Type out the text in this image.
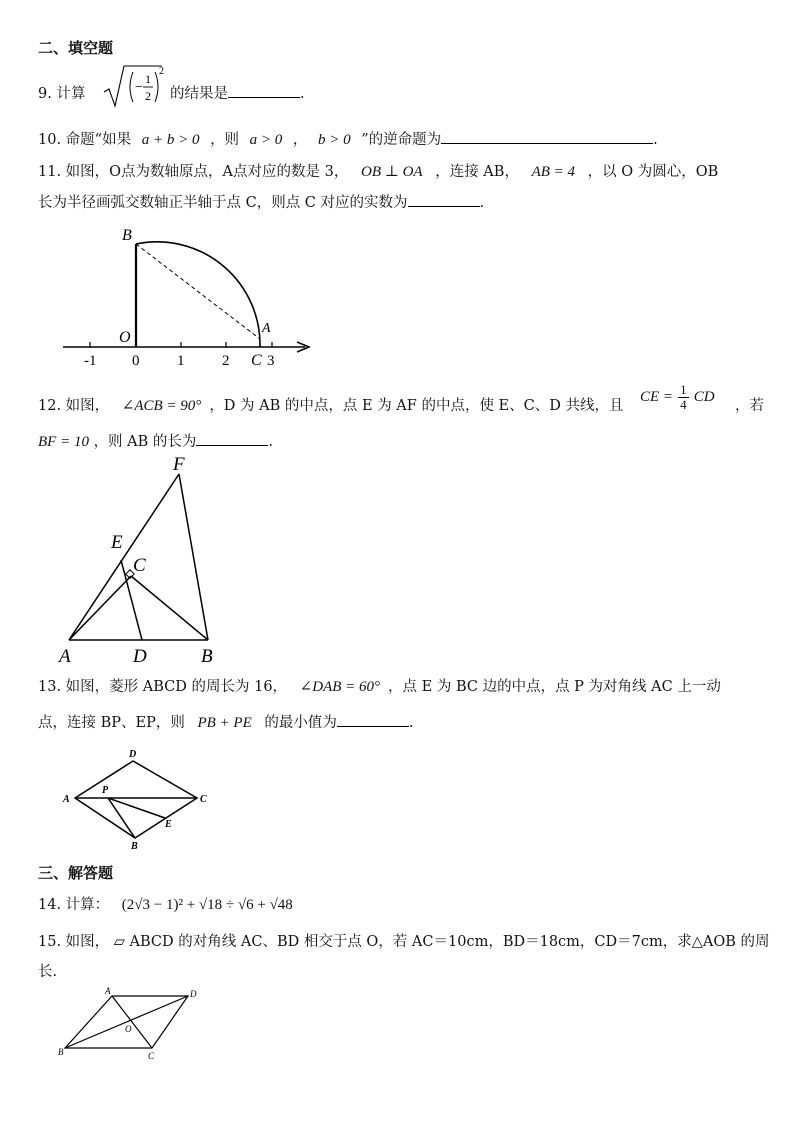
二、填空题
9. 计算	−
1
2
2
的结果是	.
10. 命题“如果 a + b > 0 ，则 a > 0 ， b > 0 ”的逆命题为	.
11. 如图，O点为数轴原点，A点对应的数是 3， OB ⊥ OA ，连接 AB， AB = 4 ，以 O 为圆心，OB
长为半径画弧交数轴正半轴于点 C，则点 C 对应的实数为	.
B
O
A
C
-1 0	1	2	3
12. 如图， ∠ACB = 90° ，D 为 AB 的中点，点 E 为 AF 的中点，使 E、C、D 共线，且
CE = $\frac{1}{4}$ CD
，若
BF = 10 ，则 AB 的长为	.
F
E
C
A	D	B
13. 如图，菱形 ABCD 的周长为 16， ∠DAB = 60° ，点 E 为 BC 边的中点，点 P 为对角线 AC 上一动
点，连接 BP、EP，则 PB + PE 的最小值为	.
D
A
P
C
E
B
三、解答题
14. 计算： (2√3 − 1)² + √18 ÷ √6 + √48
15. 如图， ▱ ABCD 的对角线 AC、BD 相交于点 O，若 AC＝10cm，BD＝18cm，CD＝7cm，求△AOB 的周
长.
A	D
O
B	C
